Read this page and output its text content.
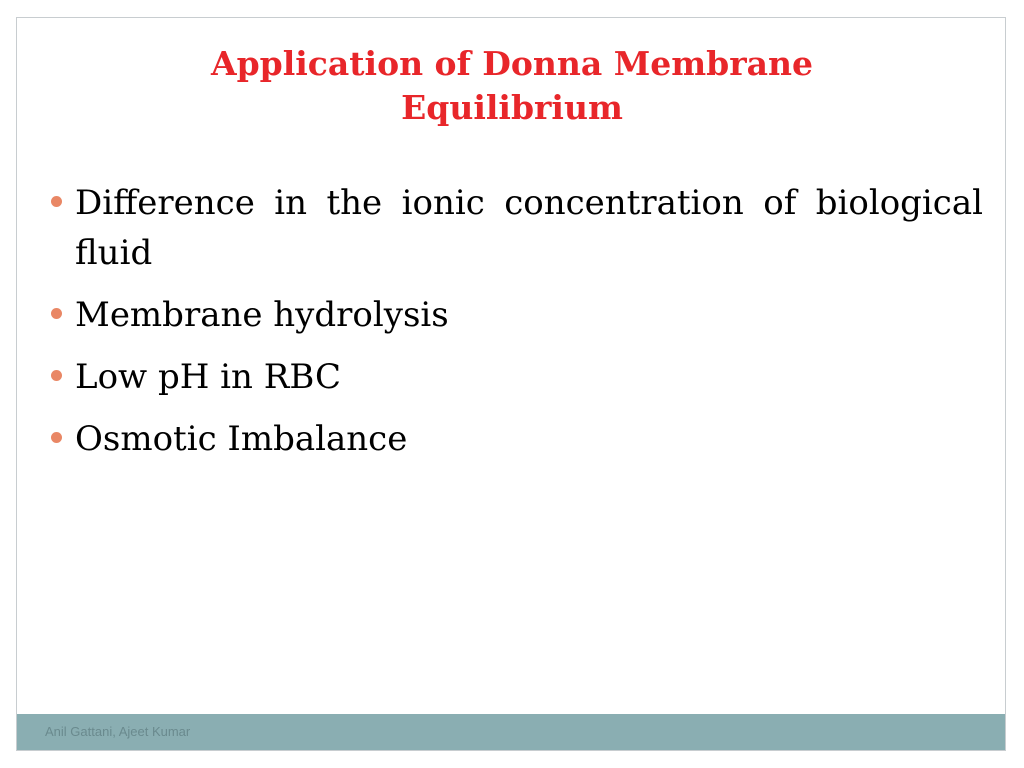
Application of Donna Membrane
Equilibrium
Difference in the ionic concentration of biological fluid
Membrane hydrolysis
Low pH in RBC
Osmotic Imbalance
Anil Gattani, Ajeet Kumar
